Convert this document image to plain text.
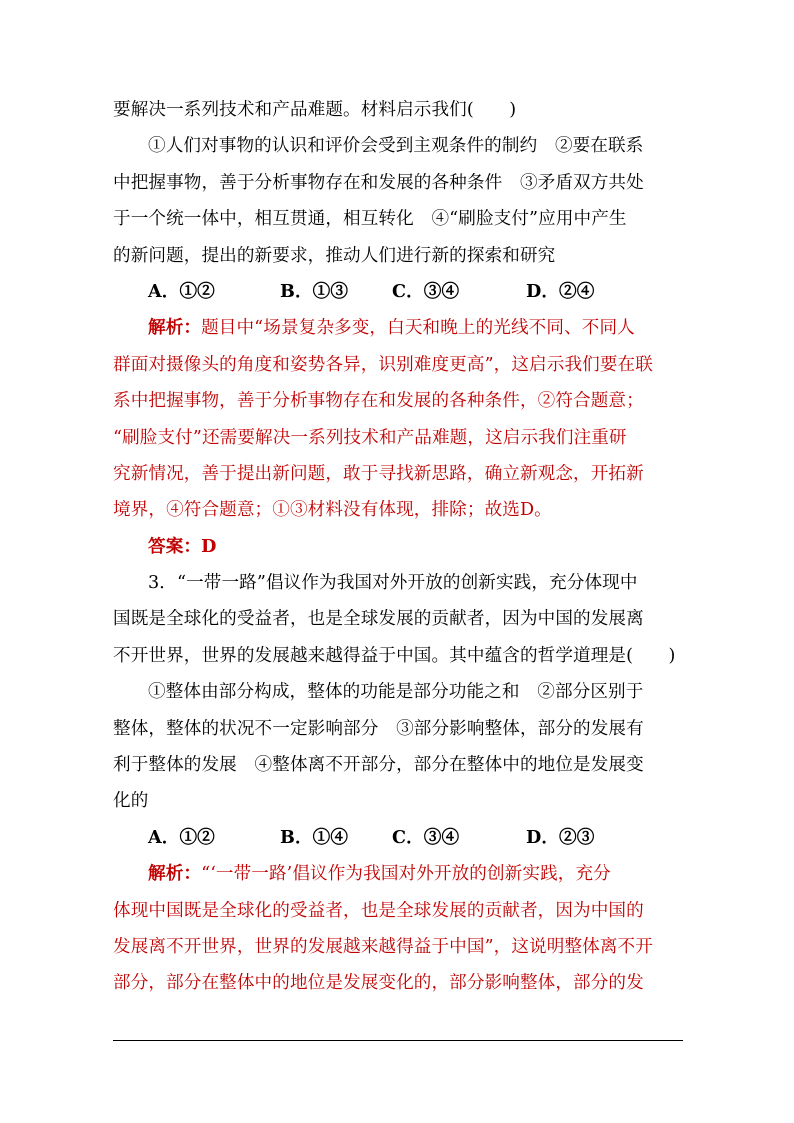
要解决一系列技术和产品难题。材料启示我们(　　)
①人们对事物的认识和评价会受到主观条件的制约　②要在联系
中把握事物，善于分析事物存在和发展的各种条件　③矛盾双方共处
于一个统一体中，相互贯通，相互转化　④“刷脸支付”应用中产生
的新问题，提出的新要求，推动人们进行新的探索和研究
A．①②	B．①③	C．③④	D．②④
解析：题目中“场景复杂多变，白天和晚上的光线不同、不同人
群面对摄像头的角度和姿势各异，识别难度更高”，这启示我们要在联
系中把握事物，善于分析事物存在和发展的各种条件，②符合题意；
“刷脸支付”还需要解决一系列技术和产品难题，这启示我们注重研
究新情况，善于提出新问题，敢于寻找新思路，确立新观念，开拓新
境界，④符合题意；①③材料没有体现，排除；故选D。
答案：D
3．“一带一路”倡议作为我国对外开放的创新实践，充分体现中
国既是全球化的受益者，也是全球发展的贡献者，因为中国的发展离
不开世界，世界的发展越来越得益于中国。其中蕴含的哲学道理是(　　)
①整体由部分构成，整体的功能是部分功能之和　②部分区别于
整体，整体的状况不一定影响部分　③部分影响整体，部分的发展有
利于整体的发展　④整体离不开部分，部分在整体中的地位是发展变
化的
A．①②	B．①④	C．③④	D．②③
解析：“‘一带一路’倡议作为我国对外开放的创新实践，充分
体现中国既是全球化的受益者，也是全球发展的贡献者，因为中国的
发展离不开世界，世界的发展越来越得益于中国”，这说明整体离不开
部分，部分在整体中的地位是发展变化的，部分影响整体，部分的发
